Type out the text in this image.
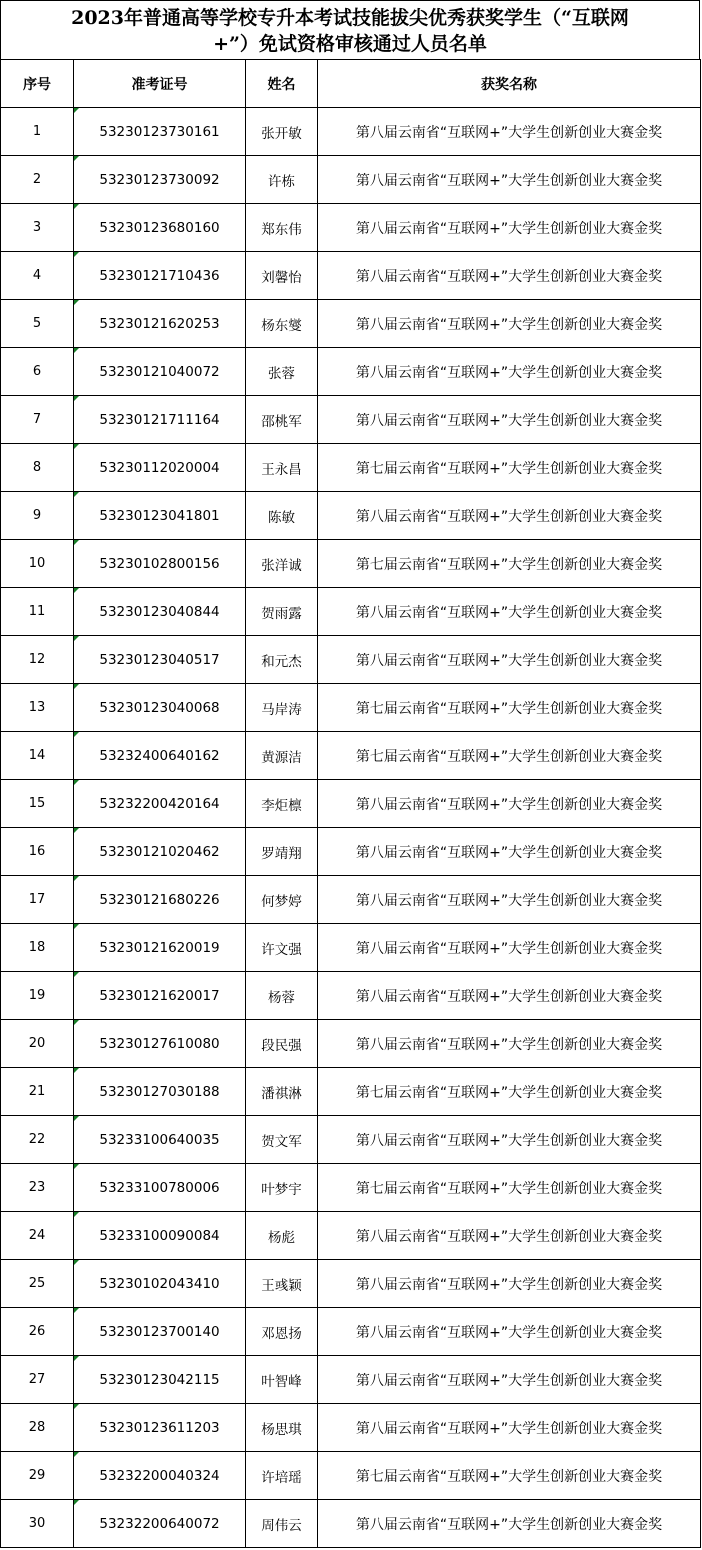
2023年普通高等学校专升本考试技能拔尖优秀获奖学生（“互联网
+”）免试资格审核通过人员名单
序号	准考证号	姓名	获奖名称
1	53230123730161	张开敏	第八届云南省“互联网+”大学生创新创业大赛金奖
2	53230123730092	许栋	第八届云南省“互联网+”大学生创新创业大赛金奖
3	53230123680160	郑东伟	第八届云南省“互联网+”大学生创新创业大赛金奖
4	53230121710436	刘馨怡	第八届云南省“互联网+”大学生创新创业大赛金奖
5	53230121620253	杨东燮	第八届云南省“互联网+”大学生创新创业大赛金奖
6	53230121040072	张蓉	第八届云南省“互联网+”大学生创新创业大赛金奖
7	53230121711164	邵桃军	第八届云南省“互联网+”大学生创新创业大赛金奖
8	53230112020004	王永昌	第七届云南省“互联网+”大学生创新创业大赛金奖
9	53230123041801	陈敏	第八届云南省“互联网+”大学生创新创业大赛金奖
10	53230102800156	张洋诚	第七届云南省“互联网+”大学生创新创业大赛金奖
11	53230123040844	贺雨露	第八届云南省“互联网+”大学生创新创业大赛金奖
12	53230123040517	和元杰	第八届云南省“互联网+”大学生创新创业大赛金奖
13	53230123040068	马岸涛	第七届云南省“互联网+”大学生创新创业大赛金奖
14	53232400640162	黄源洁	第七届云南省“互联网+”大学生创新创业大赛金奖
15	53232200420164	李炬檩	第八届云南省“互联网+”大学生创新创业大赛金奖
16	53230121020462	罗靖翔	第八届云南省“互联网+”大学生创新创业大赛金奖
17	53230121680226	何梦婷	第八届云南省“互联网+”大学生创新创业大赛金奖
18	53230121620019	许文强	第八届云南省“互联网+”大学生创新创业大赛金奖
19	53230121620017	杨蓉	第八届云南省“互联网+”大学生创新创业大赛金奖
20	53230127610080	段民强	第八届云南省“互联网+”大学生创新创业大赛金奖
21	53230127030188	潘祺淋	第七届云南省“互联网+”大学生创新创业大赛金奖
22	53233100640035	贺文军	第八届云南省“互联网+”大学生创新创业大赛金奖
23	53233100780006	叶梦宇	第七届云南省“互联网+”大学生创新创业大赛金奖
24	53233100090084	杨彪	第八届云南省“互联网+”大学生创新创业大赛金奖
25	53230102043410	王彧颖	第八届云南省“互联网+”大学生创新创业大赛金奖
26	53230123700140	邓恩扬	第八届云南省“互联网+”大学生创新创业大赛金奖
27	53230123042115	叶智峰	第八届云南省“互联网+”大学生创新创业大赛金奖
28	53230123611203	杨思琪	第八届云南省“互联网+”大学生创新创业大赛金奖
29	53232200040324	许培瑶	第七届云南省“互联网+”大学生创新创业大赛金奖
30	53232200640072	周伟云	第八届云南省“互联网+”大学生创新创业大赛金奖
